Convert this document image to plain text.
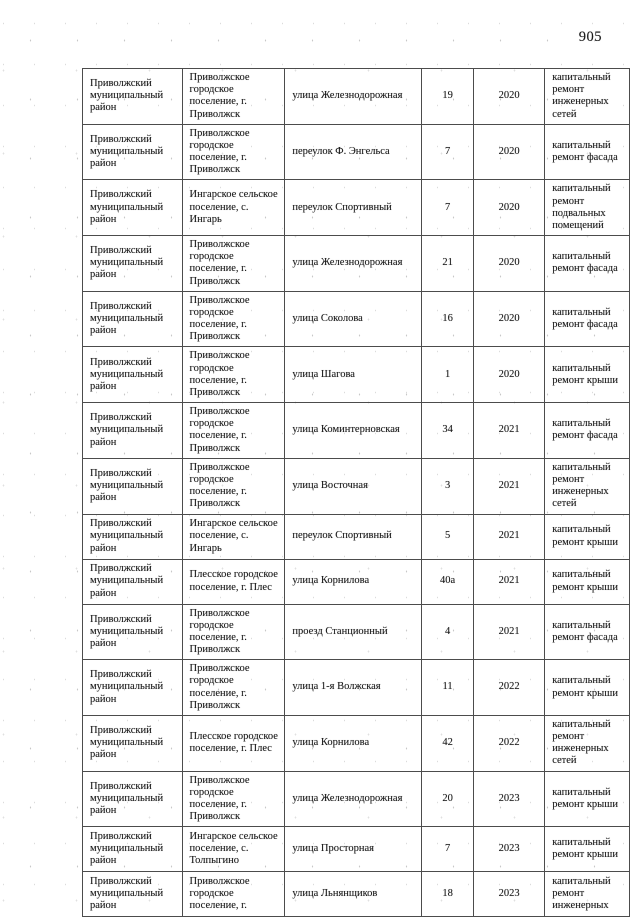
905
Приволжский муниципальный район	Приволжское городское поселение, г. Приволжск	улица Железнодорожная	19	2020	капитальный ремонт инженерных сетей
Приволжский муниципальный район	Приволжское городское поселение, г. Приволжск	переулок Ф. Энгельса	7	2020	капитальный ремонт фасада
Приволжский муниципальный район	Ингарское сельское поселение, с. Ингарь	переулок Спортивный	7	2020	капитальный ремонт подвальных помещений
Приволжский муниципальный район	Приволжское городское поселение, г. Приволжск	улица Железнодорожная	21	2020	капитальный ремонт фасада
Приволжский муниципальный район	Приволжское городское поселение, г. Приволжск	улица Соколова	16	2020	капитальный ремонт фасада
Приволжский муниципальный район	Приволжское городское поселение, г. Приволжск	улица Шагова	1	2020	капитальный ремонт крыши
Приволжский муниципальный район	Приволжское городское поселение, г. Приволжск	улица Коминтерновская	34	2021	капитальный ремонт фасада
Приволжский муниципальный район	Приволжское городское поселение, г. Приволжск	улица Восточная	3	2021	капитальный ремонт инженерных сетей
Приволжский муниципальный район	Ингарское сельское поселение, с. Ингарь	переулок Спортивный	5	2021	капитальный ремонт крыши
Приволжский муниципальный район	Плесское городское поселение, г. Плес	улица Корнилова	40а	2021	капитальный ремонт крыши
Приволжский муниципальный район	Приволжское городское поселение, г. Приволжск	проезд Станционный	4	2021	капитальный ремонт фасада
Приволжский муниципальный район	Приволжское городское поселение, г. Приволжск	улица 1-я Волжская	11	2022	капитальный ремонт крыши
Приволжский муниципальный район	Плесское городское поселение, г. Плес	улица Корнилова	42	2022	капитальный ремонт инженерных сетей
Приволжский муниципальный район	Приволжское городское поселение, г. Приволжск	улица Железнодорожная	20	2023	капитальный ремонт крыши
Приволжский муниципальный район	Ингарское сельское поселение, с. Толпыгино	улица Просторная	7	2023	капитальный ремонт крыши
Приволжский муниципальный район	Приволжское городское поселение, г.	улица Льнянщиков	18	2023	капитальный ремонт инженерных
